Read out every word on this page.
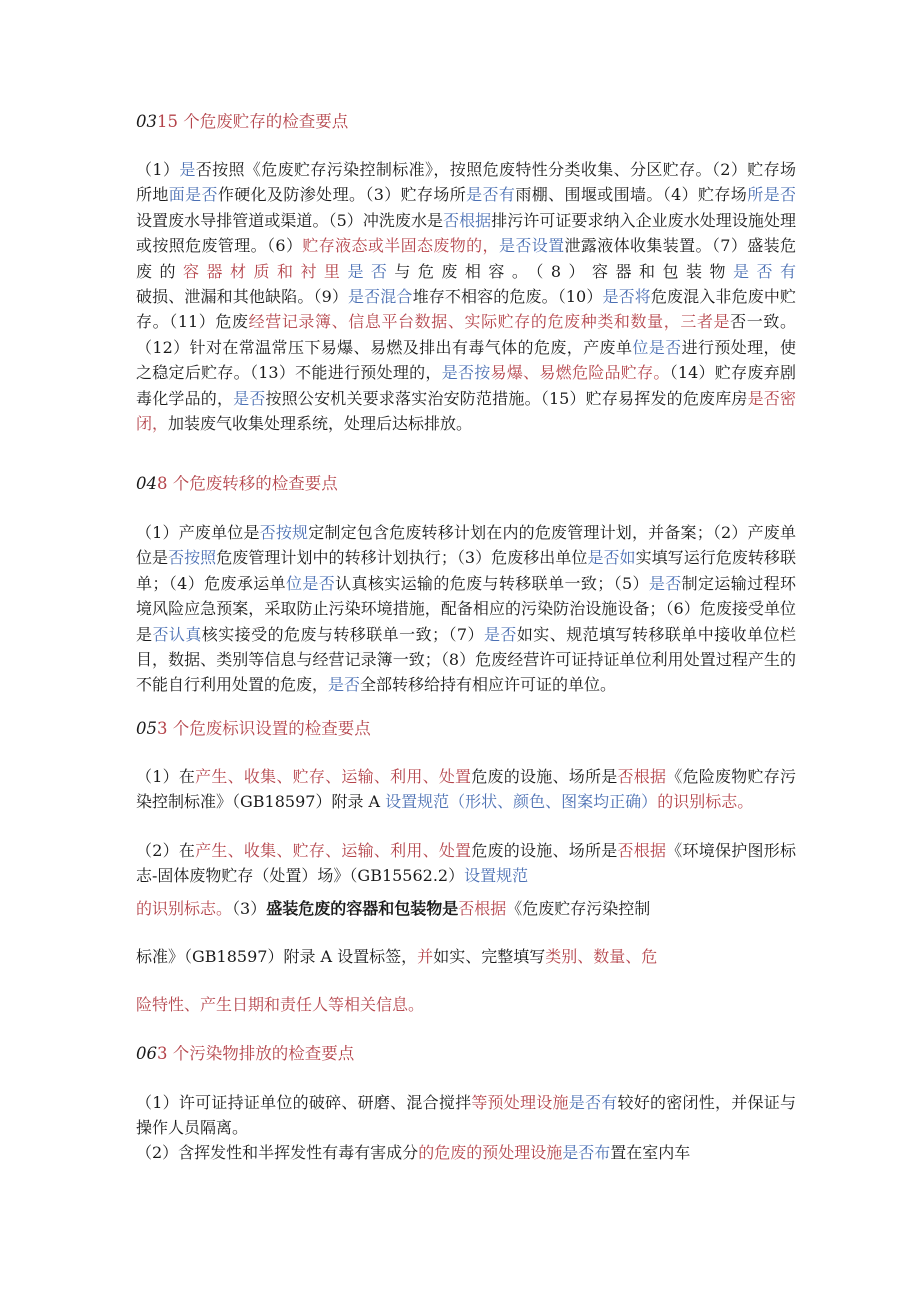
0315 个危废贮存的检查要点
（1）是否按照《危废贮存污染控制标准》，按照危废特性分类收集、分区贮存。（2）贮存场所地面是否作硬化及防渗处理。（3）贮存场所是否有雨棚、围堰或围墙。（4）贮存场所是否设置废水导排管道或渠道。（5）冲洗废水是否根据排污许可证要求纳入企业废水处理设施处理或按照危废管理。（6）贮存液态或半固态废物的，是否设置泄露液体收集装置。（7）盛装危废的容器材质和衬里是否与危废相容。（8）容器和包装物是否有破损、泄漏和其他缺陷。（9）是否混合堆存不相容的危废。（10）是否将危废混入非危废中贮存。（11）危废经营记录簿、信息平台数据、实际贮存的危废种类和数量，三者是否一致。（12）针对在常温常压下易爆、易燃及排出有毒气体的危废，产废单位是否进行预处理，使之稳定后贮存。（13）不能进行预处理的，是否按易爆、易燃危险品贮存。（14）贮存废弃剧毒化学品的，是否按照公安机关要求落实治安防范措施。（15）贮存易挥发的危废库房是否密闭，加装废气收集处理系统，处理后达标排放。
048 个危废转移的检查要点
（1）产废单位是否按规定制定包含危废转移计划在内的危废管理计划，并备案；（2）产废单位是否按照危废管理计划中的转移计划执行；（3）危废移出单位是否如实填写运行危废转移联单；（4）危废承运单位是否认真核实运输的危废与转移联单一致；（5）是否制定运输过程环境风险应急预案，采取防止污染环境措施，配备相应的污染防治设施设备；（6）危废接受单位是否认真核实接受的危废与转移联单一致；（7）是否如实、规范填写转移联单中接收单位栏目，数据、类别等信息与经营记录簿一致；（8）危废经营许可证持证单位利用处置过程产生的不能自行利用处置的危废，是否全部转移给持有相应许可证的单位。
053 个危废标识设置的检查要点
（1）在产生、收集、贮存、运输、利用、处置危废的设施、场所是否根据《危险废物贮存污染控制标准》（GB18597）附录 A 设置规范（形状、颜色、图案均正确）的识别标志。
（2）在产生、收集、贮存、运输、利用、处置危废的设施、场所是否根据《环境保护图形标志-固体废物贮存（处置）场》（GB15562.2）设置规范
的识别标志。（3）盛装危废的容器和包装物是否根据《危废贮存污染控制
标准》（GB18597）附录 A 设置标签，并如实、完整填写类别、数量、危
险特性、产生日期和责任人等相关信息。
063 个污染物排放的检查要点
（1）许可证持证单位的破碎、研磨、混合搅拌等预处理设施是否有较好的密闭性，并保证与操作人员隔离。
（2）含挥发性和半挥发性有毒有害成分的危废的预处理设施是否布置在室内车
